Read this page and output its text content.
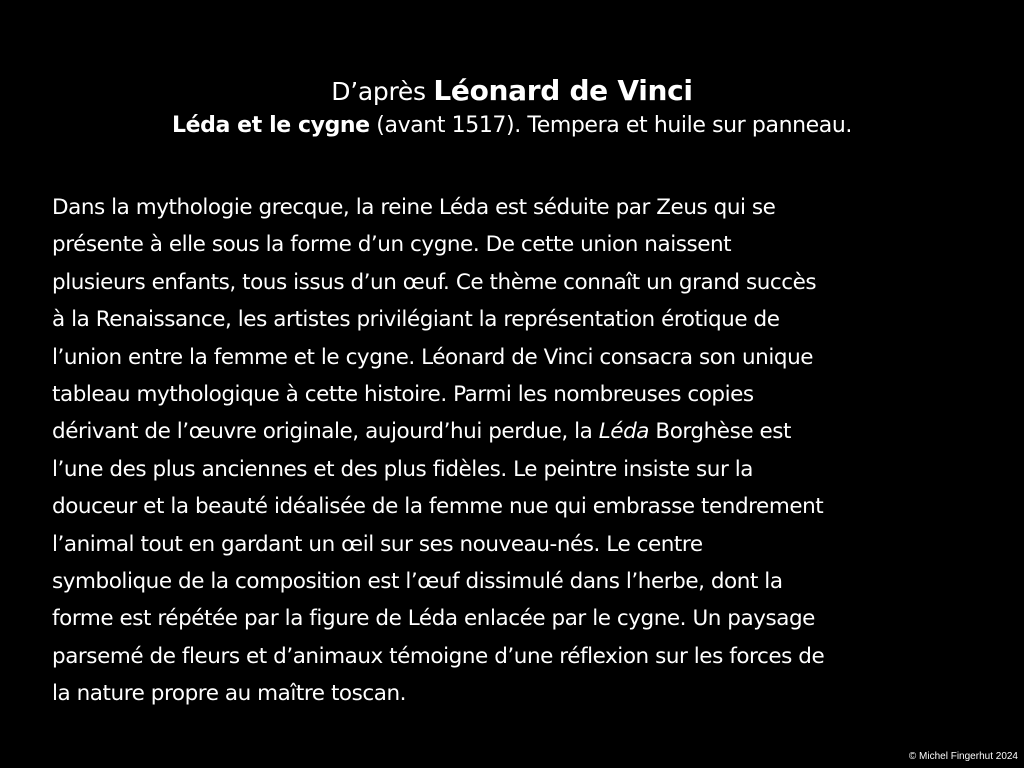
D’après Léonard de Vinci
Léda et le cygne (avant 1517). Tempera et huile sur panneau.
Dans la mythologie grecque, la reine Léda est séduite par Zeus qui se
présente à elle sous la forme d’un cygne. De cette union naissent
plusieurs enfants, tous issus d’un œuf. Ce thème connaît un grand succès
à la Renaissance, les artistes privilégiant la représentation érotique de
l’union entre la femme et le cygne. Léonard de Vinci consacra son unique
tableau mythologique à cette histoire. Parmi les nombreuses copies
dérivant de l’œuvre originale, aujourd’hui perdue, la Léda Borghèse est
l’une des plus anciennes et des plus fidèles. Le peintre insiste sur la
douceur et la beauté idéalisée de la femme nue qui embrasse tendrement
l’animal tout en gardant un œil sur ses nouveau-nés. Le centre
symbolique de la composition est l’œuf dissimulé dans l’herbe, dont la
forme est répétée par la figure de Léda enlacée par le cygne. Un paysage
parsemé de fleurs et d’animaux témoigne d’une réflexion sur les forces de
la nature propre au maître toscan.
© Michel Fingerhut 2024
